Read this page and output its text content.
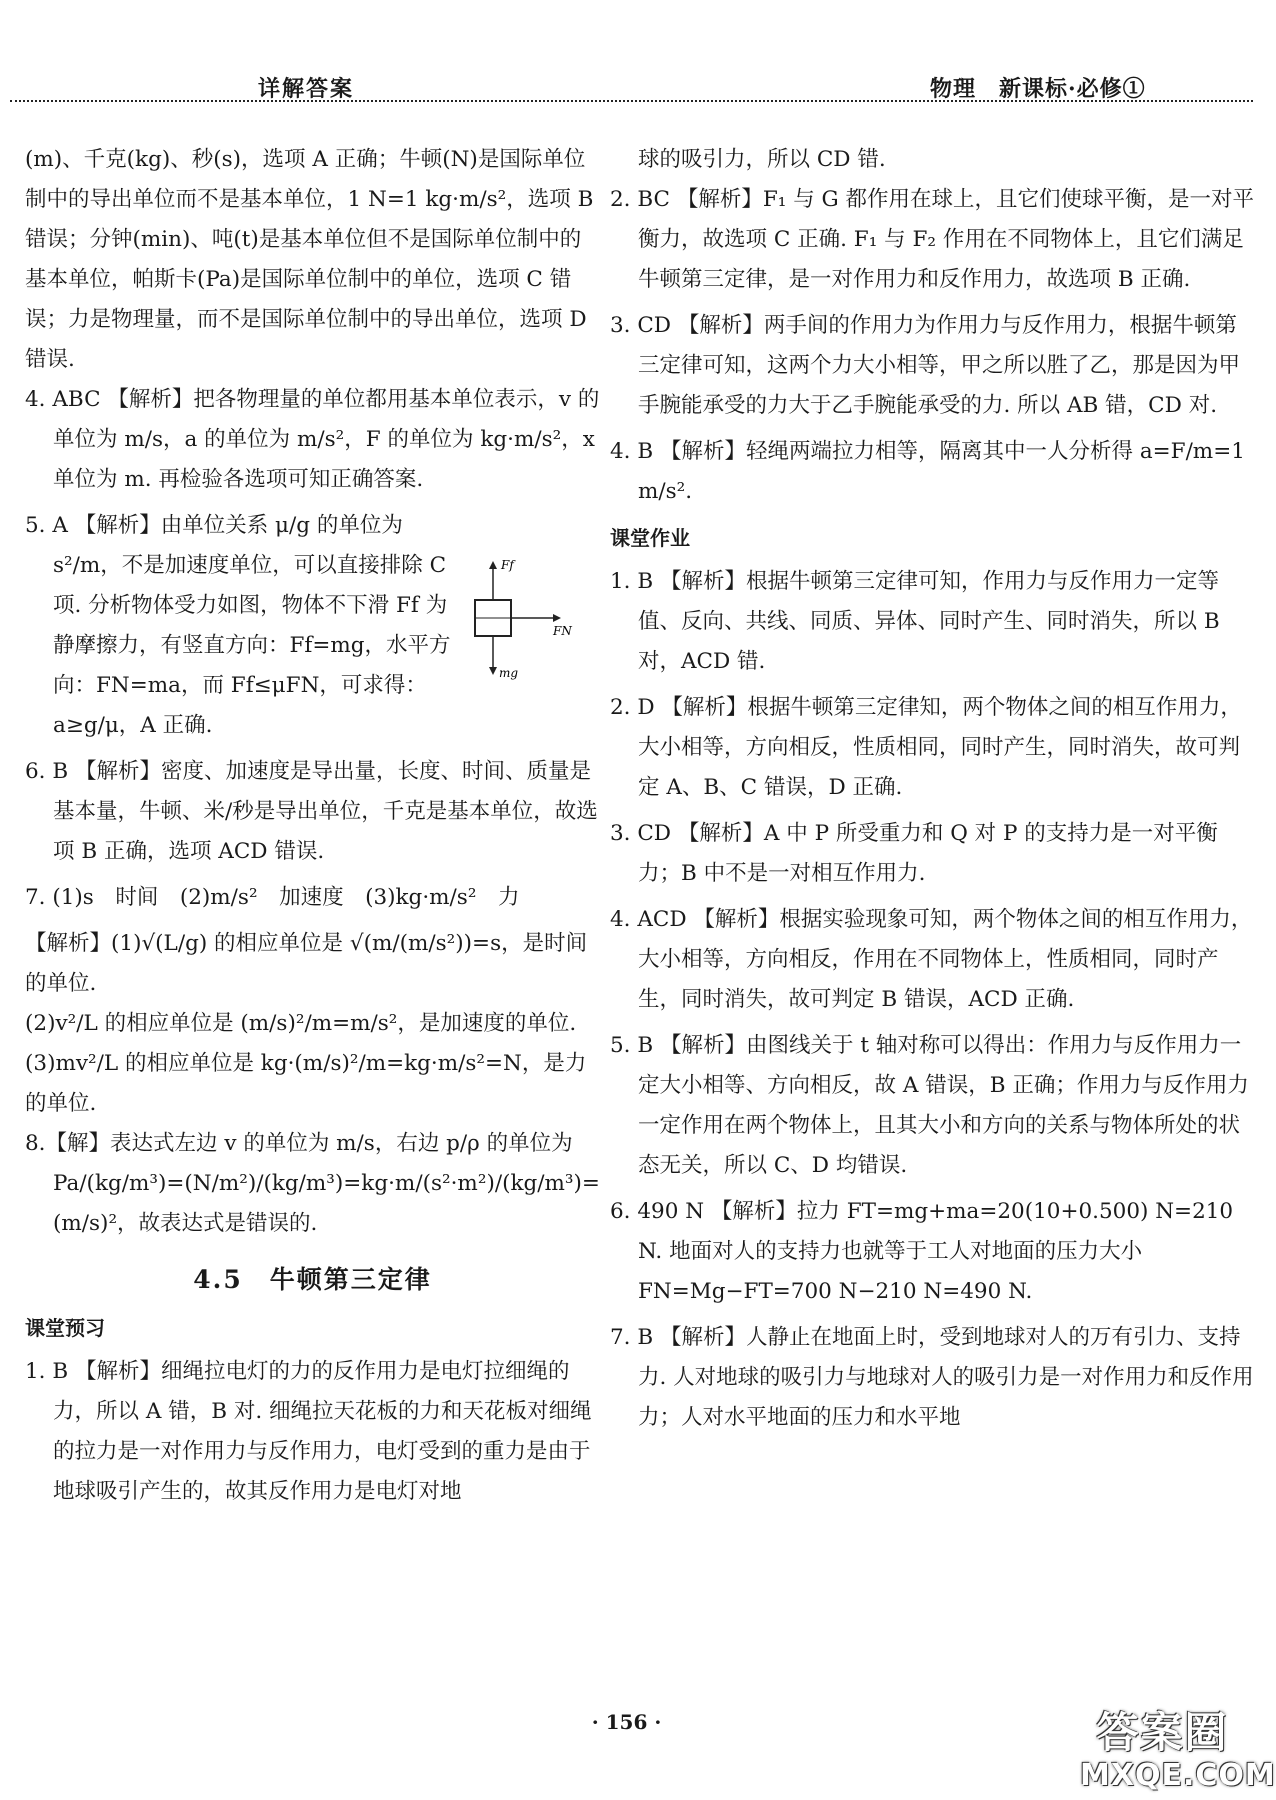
详解答案	物理　新课标·必修①

(m)、千克(kg)、秒(s)，选项 A 正确；牛顿(N)是国际单位制中的导出单位而不是基本单位，1 N=1 kg·m/s²，选项 B 错误；分钟(min)、吨(t)是基本单位但不是国际单位制中的基本单位，帕斯卡(Pa)是国际单位制中的单位，选项 C 错误；力是物理量，而不是国际单位制中的导出单位，选项 D 错误.

4. ABC 【解析】把各物理量的单位都用基本单位表示，v 的单位为 m/s，a 的单位为 m/s²，F 的单位为 kg·m/s²，x 单位为 m. 再检验各选项可知正确答案.

5. A 【解析】由单位关系 μ/g 的单位为 s²/m，不是加速度单位，可以直接排除 C 项. 分析物体受力如图，物体不下滑 Ff 为静摩擦力，有竖直方向：Ff=mg，水平方向：FN=ma，而 Ff≤μFN，可求得：a≥g/μ，A 正确.

6. B 【解析】密度、加速度是导出量，长度、时间、质量是基本量，牛顿、米/秒是导出单位，千克是基本单位，故选项 B 正确，选项 ACD 错误.

7. (1)s　时间　(2)m/s²　加速度　(3)kg·m/s²　力

【解析】(1)√(L/g) 的相应单位是 √(m/(m/s²))=s，是时间的单位.

(2)v²/L 的相应单位是 (m/s)²/m=m/s²，是加速度的单位.

(3)mv²/L 的相应单位是 kg·(m/s)²/m=kg·m/s²=N，是力的单位.

8.【解】表达式左边 v 的单位为 m/s，右边 p/ρ 的单位为 Pa/(kg/m³)=(N/m²)/(kg/m³)=kg·m/(s²·m²)/(kg/m³)=(m/s)²，故表达式是错误的.

4.5　牛顿第三定律

课堂预习

1. B 【解析】细绳拉电灯的力的反作用力是电灯拉细绳的力，所以 A 错，B 对. 细绳拉天花板的力和天花板对细绳的拉力是一对作用力与反作用力，电灯受到的重力是由于地球吸引产生的，故其反作用力是电灯对地

球的吸引力，所以 CD 错.

2. BC 【解析】F₁ 与 G 都作用在球上，且它们使球平衡，是一对平衡力，故选项 C 正确. F₁ 与 F₂ 作用在不同物体上，且它们满足牛顿第三定律，是一对作用力和反作用力，故选项 B 正确.

3. CD 【解析】两手间的作用力为作用力与反作用力，根据牛顿第三定律可知，这两个力大小相等，甲之所以胜了乙，那是因为甲手腕能承受的力大于乙手腕能承受的力. 所以 AB 错，CD 对.

4. B 【解析】轻绳两端拉力相等，隔离其中一人分析得 a=F/m=1 m/s².

课堂作业

1. B 【解析】根据牛顿第三定律可知，作用力与反作用力一定等值、反向、共线、同质、异体、同时产生、同时消失，所以 B 对，ACD 错.

2. D 【解析】根据牛顿第三定律知，两个物体之间的相互作用力，大小相等，方向相反，性质相同，同时产生，同时消失，故可判定 A、B、C 错误，D 正确.

3. CD 【解析】A 中 P 所受重力和 Q 对 P 的支持力是一对平衡力；B 中不是一对相互作用力.

4. ACD 【解析】根据实验现象可知，两个物体之间的相互作用力，大小相等，方向相反，作用在不同物体上，性质相同，同时产生，同时消失，故可判定 B 错误，ACD 正确.

5. B 【解析】由图线关于 t 轴对称可以得出：作用力与反作用力一定大小相等、方向相反，故 A 错误，B 正确；作用力与反作用力一定作用在两个物体上，且其大小和方向的关系与物体所处的状态无关，所以 C、D 均错误.

6. 490 N 【解析】拉力 FT=mg+ma=20(10+0.500) N=210 N. 地面对人的支持力也就等于工人对地面的压力大小 FN=Mg−FT=700 N−210 N=490 N.

7. B 【解析】人静止在地面上时，受到地球对人的万有引力、支持力. 人对地球的吸引力与地球对人的吸引力是一对作用力和反作用力；人对水平地面的压力和水平地

Ff
FN
mg
· 156 ·	答案圈
MXQE.COM
